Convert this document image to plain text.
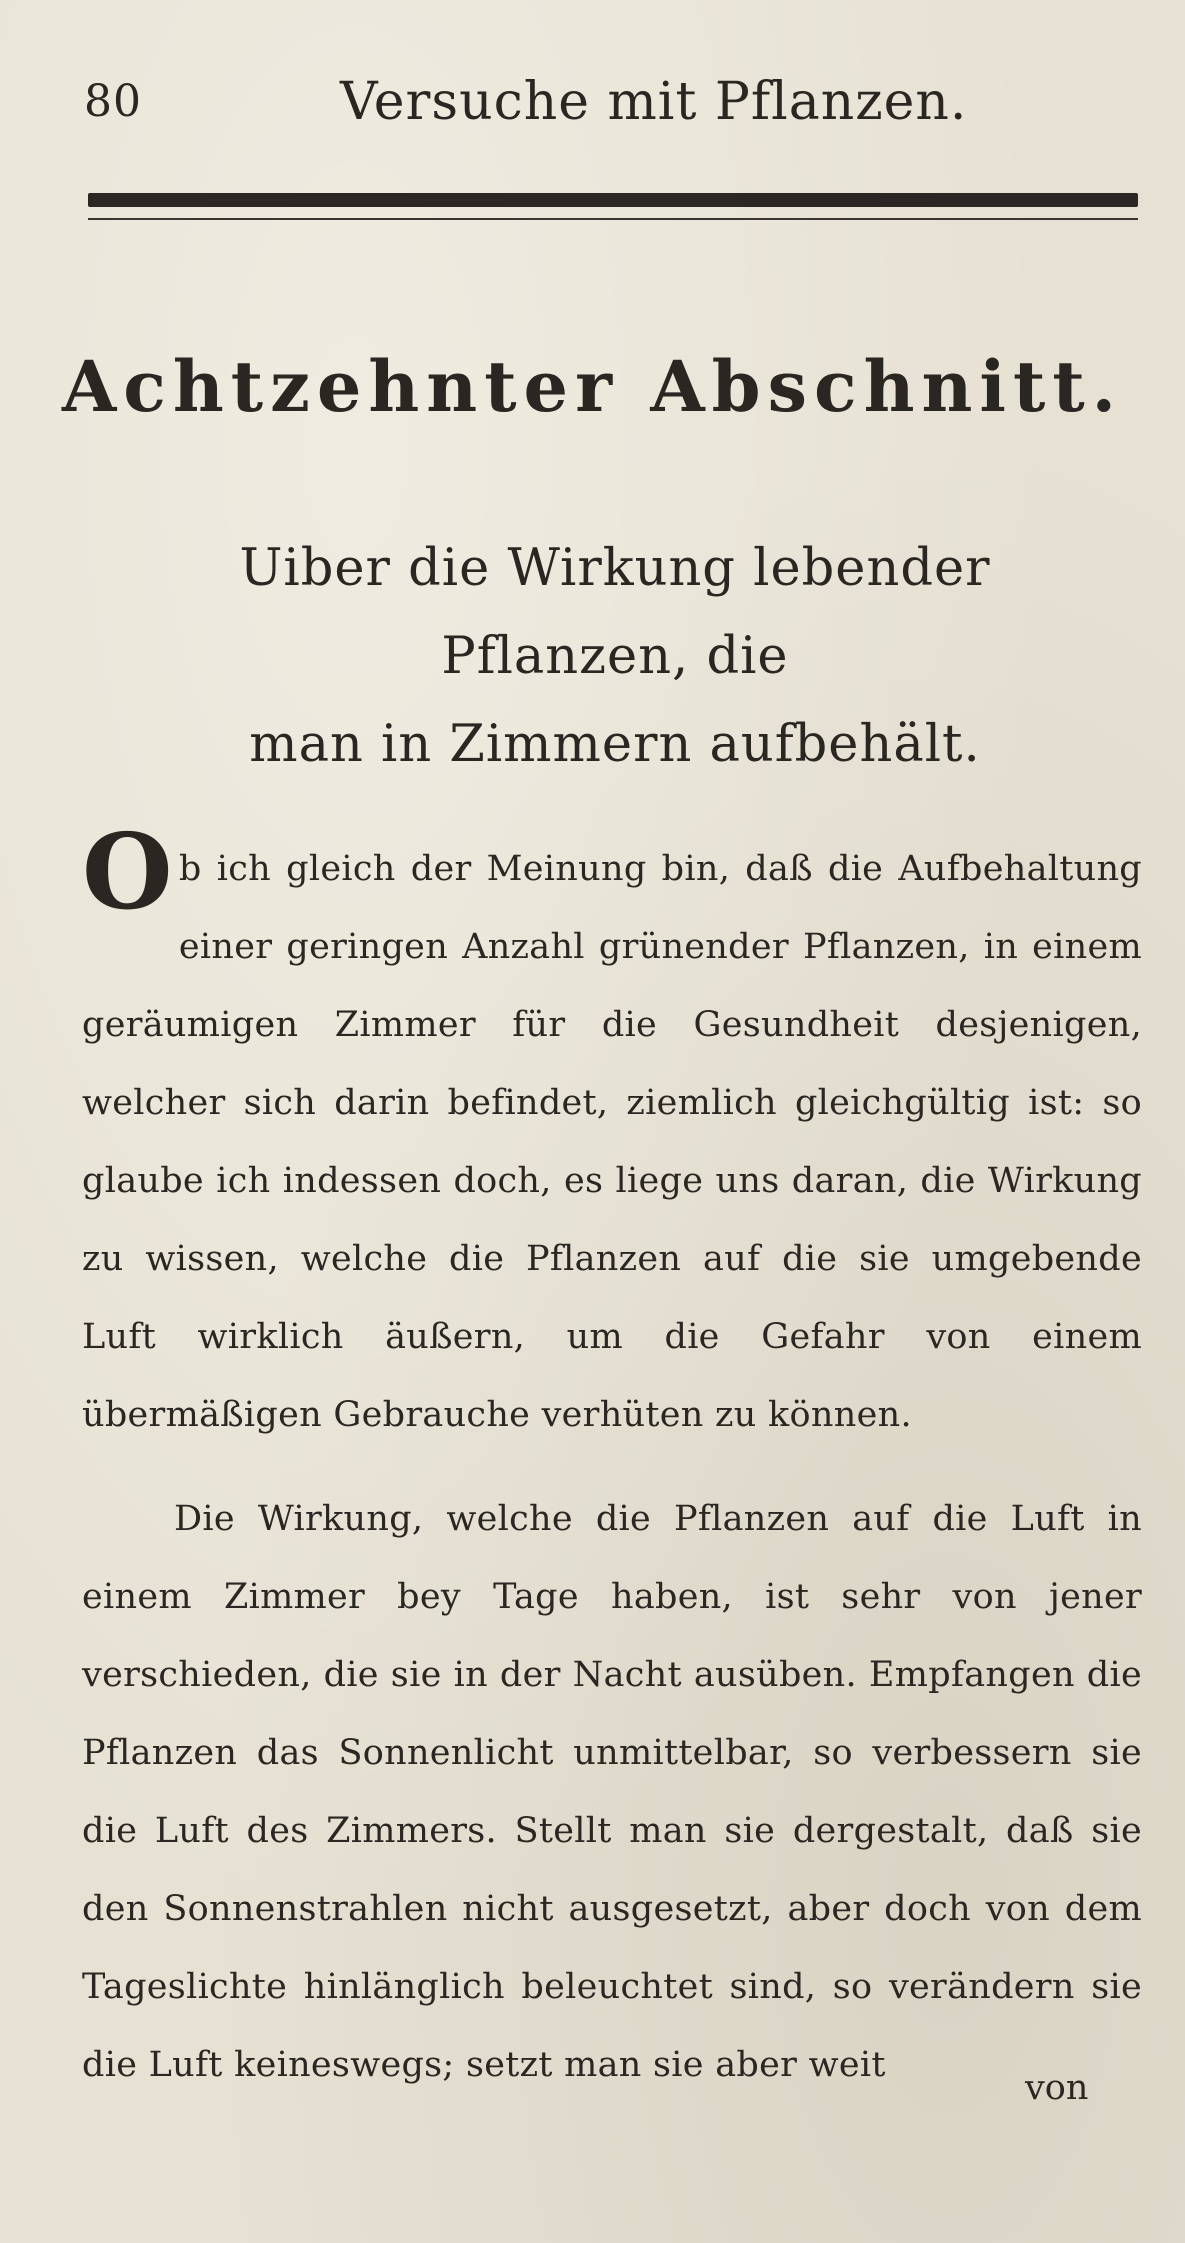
80	Versuche mit Pflanzen.
Achtzehnter Abschnitt.
Uiber die Wirkung lebender Pflanzen, die
man in Zimmern aufbehält.
Ob ich gleich der Meinung bin, daß die Aufbehaltung einer geringen Anzahl grünender Pflanzen, in einem geräumigen Zimmer für die Gesundheit desjenigen, welcher sich darin befindet, ziemlich gleichgültig ist: so glaube ich indessen doch, es liege uns daran, die Wirkung zu wissen, welche die Pflanzen auf die sie umgebende Luft wirklich äußern, um die Gefahr von einem übermäßigen Gebrauche verhüten zu können.
Die Wirkung, welche die Pflanzen auf die Luft in einem Zimmer bey Tage haben, ist sehr von jener verschieden, die sie in der Nacht ausüben. Empfangen die Pflanzen das Sonnenlicht unmittelbar, so verbessern sie die Luft des Zimmers. Stellt man sie dergestalt, daß sie den Sonnenstrahlen nicht ausgesetzt, aber doch von dem Tageslichte hinlänglich beleuchtet sind, so verändern sie die Luft keineswegs; setzt man sie aber weit
von
